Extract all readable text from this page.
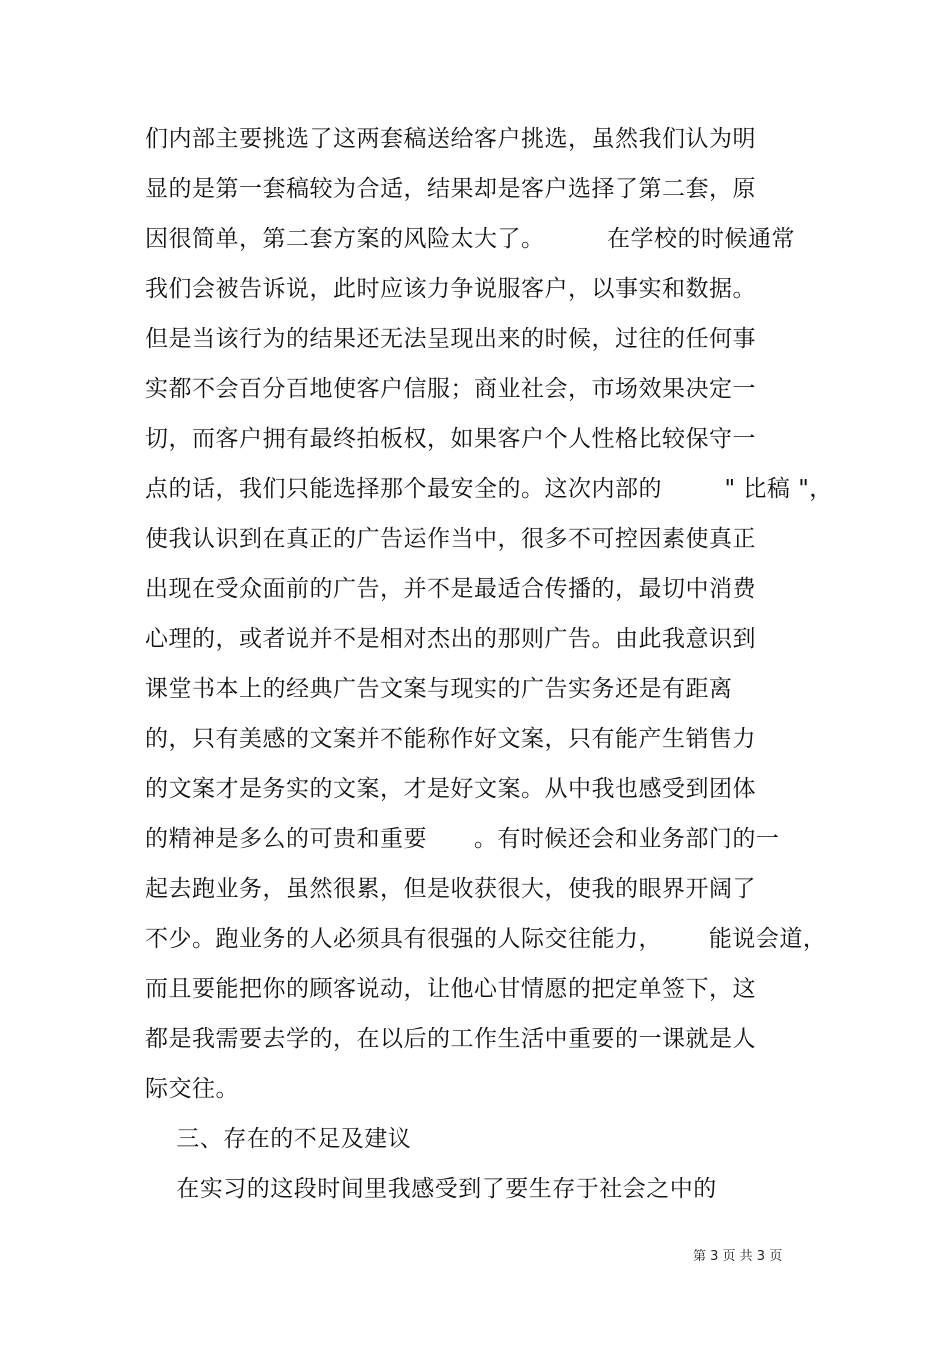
们内部主要挑选了这两套稿送给客户挑选，虽然我们认为明
显的是第一套稿较为合适，结果却是客户选择了第二套，原
因很简单，第二套方案的风险太大了。        在学校的时候通常
我们会被告诉说，此时应该力争说服客户，以事实和数据。
但是当该行为的结果还无法呈现出来的时候，过往的任何事
实都不会百分百地使客户信服；商业社会，市场效果决定一
切，而客户拥有最终拍板权，如果客户个人性格比较保守一
点的话，我们只能选择那个最安全的。这次内部的        " 比稿 "，
使我认识到在真正的广告运作当中，很多不可控因素使真正
出现在受众面前的广告，并不是最适合传播的，最切中消费
心理的，或者说并不是相对杰出的那则广告。由此我意识到
课堂书本上的经典广告文案与现实的广告实务还是有距离
的，只有美感的文案并不能称作好文案，只有能产生销售力
的文案才是务实的文案，才是好文案。从中我也感受到团体
的精神是多么的可贵和重要      。有时候还会和业务部门的一
起去跑业务，虽然很累，但是收获很大，使我的眼界开阔了
不少。跑业务的人必须具有很强的人际交往能力，      能说会道，
而且要能把你的顾客说动，让他心甘情愿的把定单签下，这
都是我需要去学的，在以后的工作生活中重要的一课就是人
际交往。
三、存在的不足及建议
在实习的这段时间里我感受到了要生存于社会之中的
第 3 页 共 3 页
